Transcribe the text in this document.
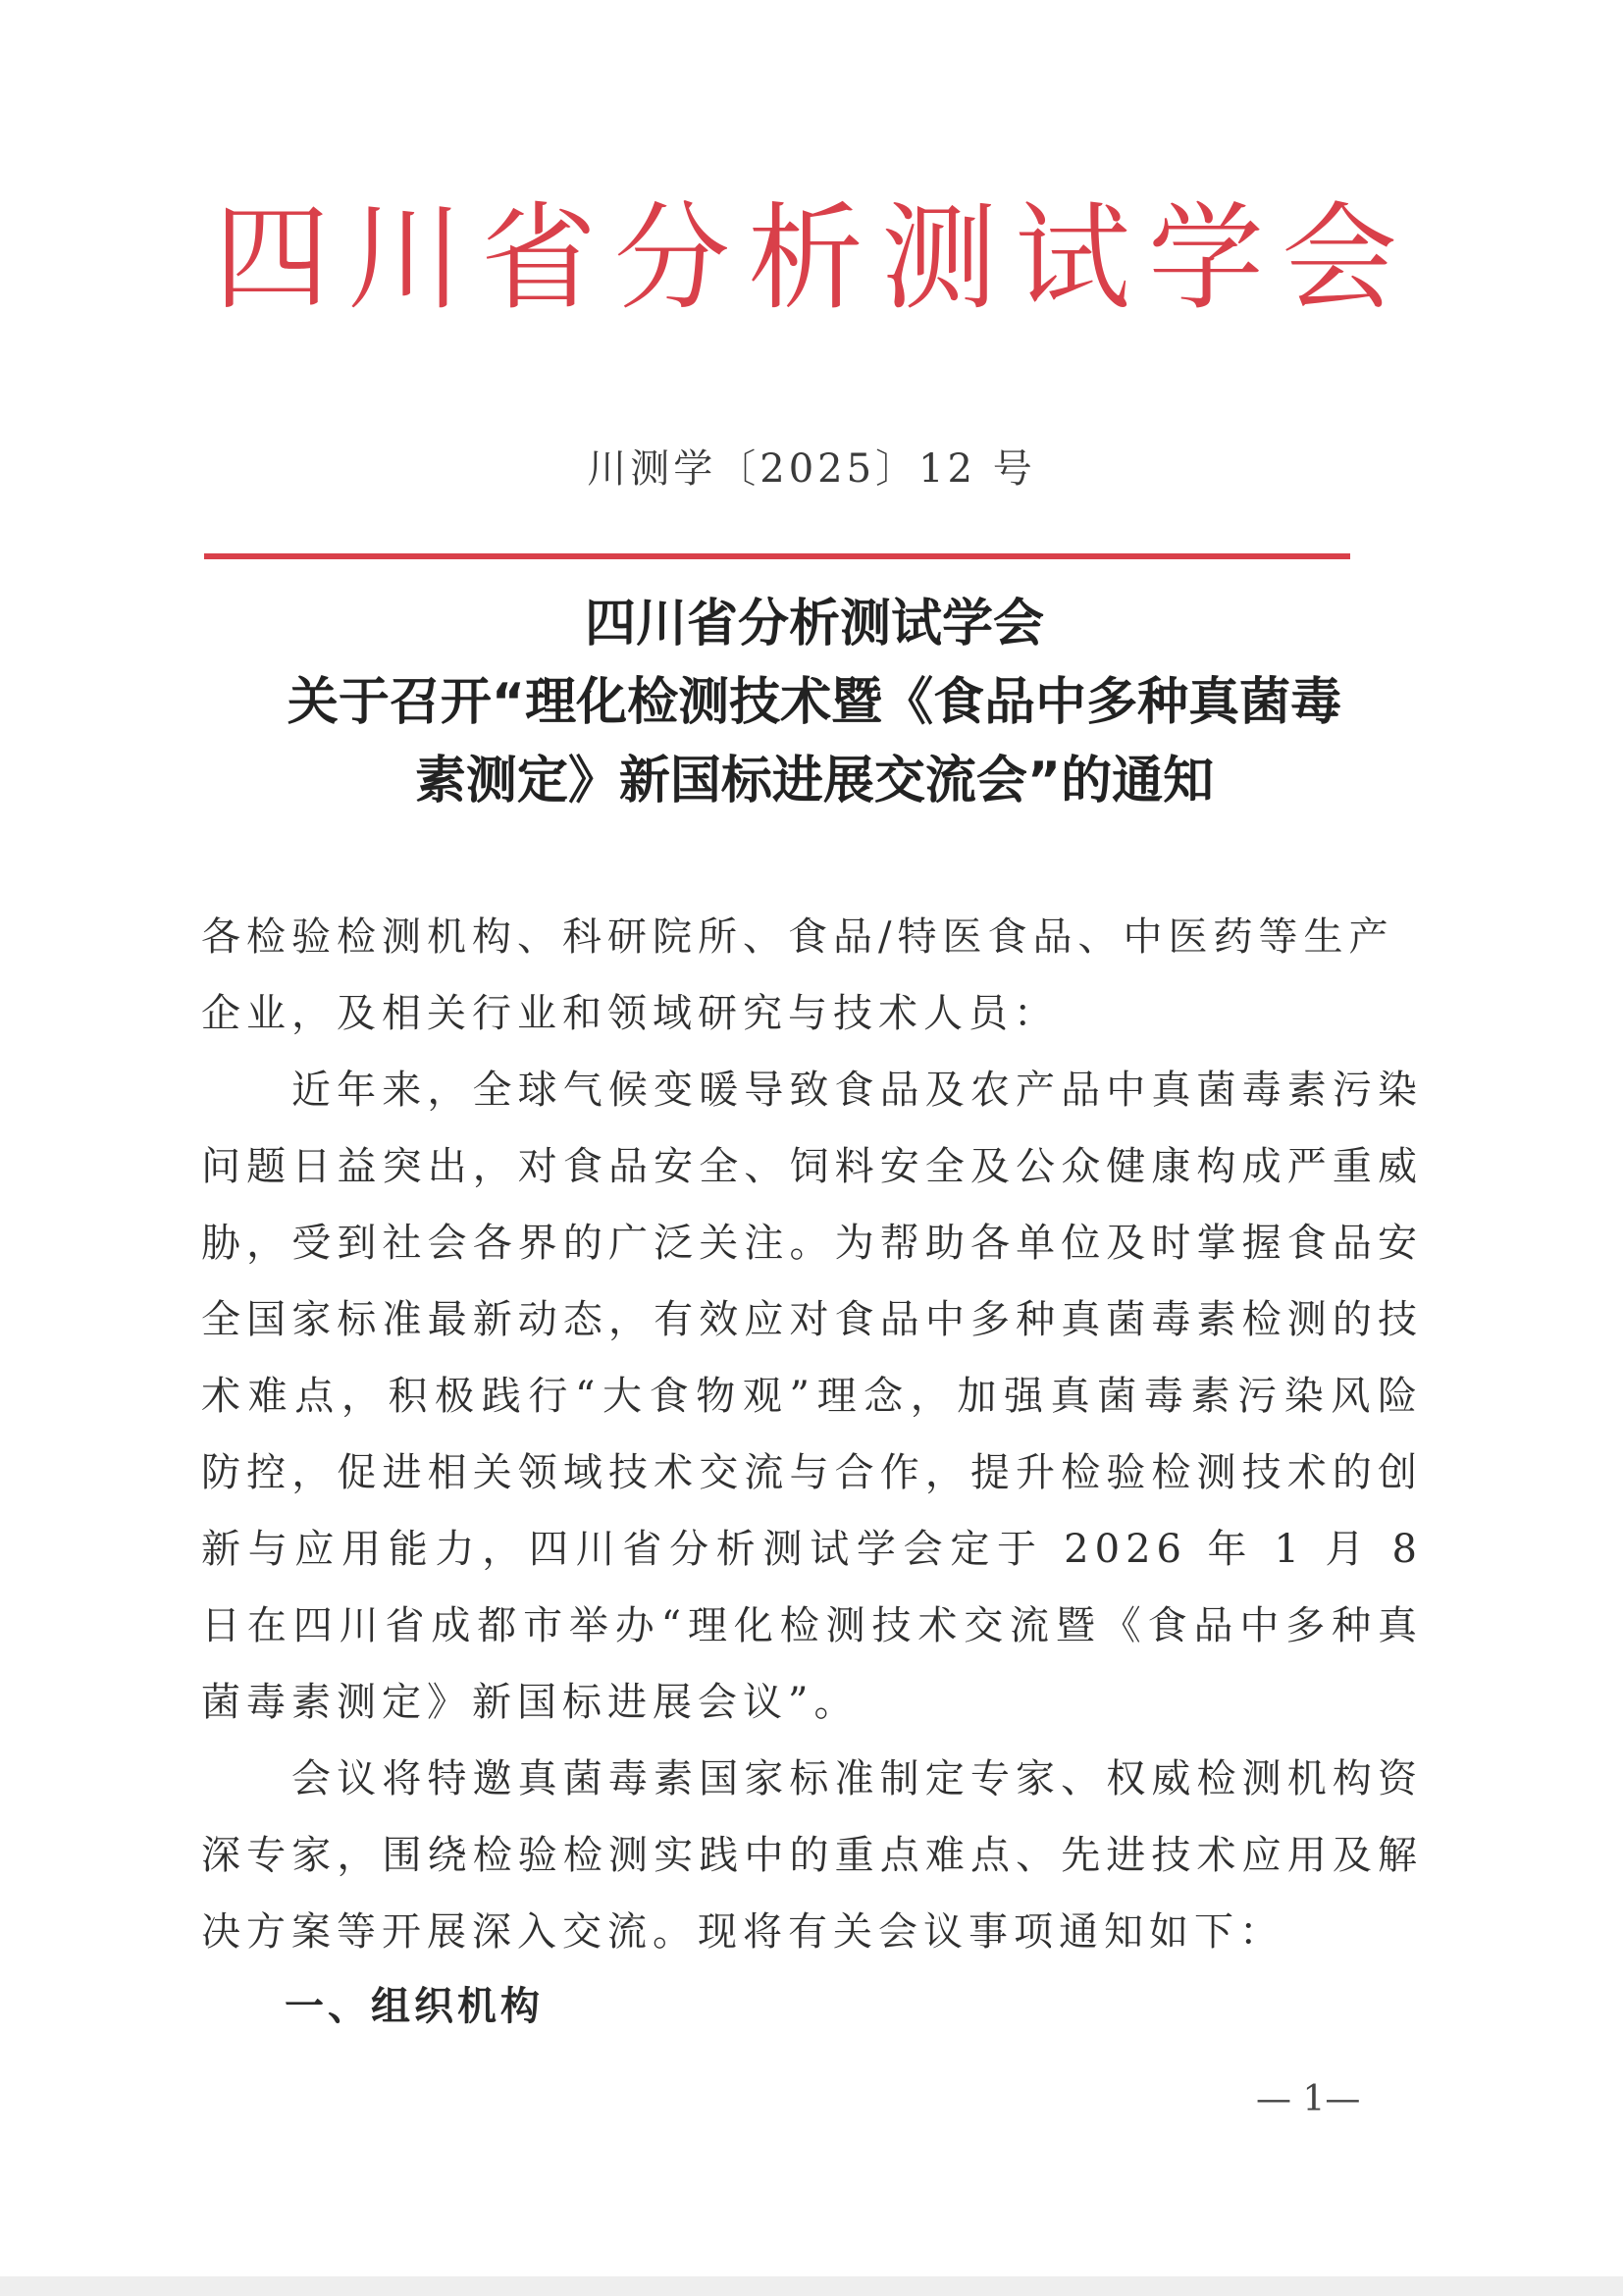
四川省分析测试学会
川测学〔2025〕12 号
四川省分析测试学会
关于召开“理化检测技术暨《食品中多种真菌毒
素测定》新国标进展交流会”的通知
各检验检测机构、科研院所、食品/特医食品、中医药等生产企业，及相关行业和领域研究与技术人员：
近年来，全球气候变暖导致食品及农产品中真菌毒素污染问题日益突出，对食品安全、饲料安全及公众健康构成严重威胁，受到社会各界的广泛关注。为帮助各单位及时掌握食品安全国家标准最新动态，有效应对食品中多种真菌毒素检测的技术难点，积极践行“大食物观”理念，加强真菌毒素污染风险防控，促进相关领域技术交流与合作，提升检验检测技术的创新与应用能力，四川省分析测试学会定于 2026 年 1 月 8 日在四川省成都市举办“理化检测技术交流暨《食品中多种真菌毒素测定》新国标进展会议”。
会议将特邀真菌毒素国家标准制定专家、权威检测机构资深专家，围绕检验检测实践中的重点难点、先进技术应用及解决方案等开展深入交流。现将有关会议事项通知如下：
一、组织机构
— 1—
